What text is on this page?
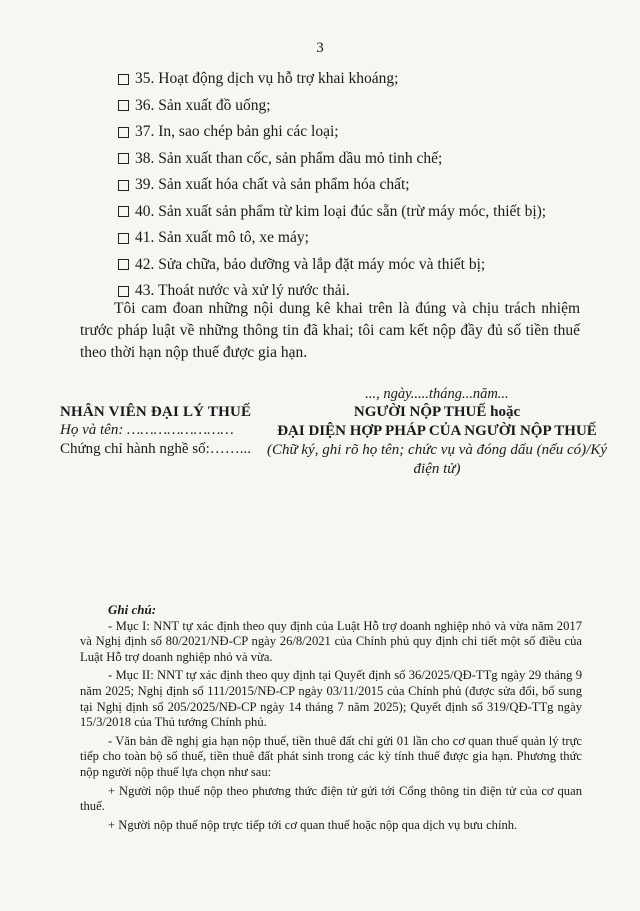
3
35. Hoạt động dịch vụ hỗ trợ khai khoáng;
36. Sản xuất đồ uống;
37. In, sao chép bản ghi các loại;
38. Sản xuất than cốc, sản phẩm dầu mỏ tinh chế;
39. Sản xuất hóa chất và sản phẩm hóa chất;
40. Sản xuất sản phẩm từ kim loại đúc sẵn (trừ máy móc, thiết bị);
41. Sản xuất mô tô, xe máy;
42. Sửa chữa, bảo dưỡng và lắp đặt máy móc và thiết bị;
43. Thoát nước và xử lý nước thải.
Tôi cam đoan những nội dung kê khai trên là đúng và chịu trách nhiệm trước pháp luật về những thông tin đã khai; tôi cam kết nộp đầy đủ số tiền thuế theo thời hạn nộp thuế được gia hạn.
NHÂN VIÊN ĐẠI LÝ THUẾ
Họ và tên: ……………………
Chứng chỉ hành nghề số:……...
..., ngày.....tháng...năm...
NGƯỜI NỘP THUẾ hoặc
ĐẠI DIỆN HỢP PHÁP CỦA NGƯỜI NỘP THUẾ
(Chữ ký, ghi rõ họ tên; chức vụ và đóng dấu (nếu có)/Ký điện tử)
Ghi chú:

- Mục I: NNT tự xác định theo quy định của Luật Hỗ trợ doanh nghiệp nhỏ và vừa năm 2017 và Nghị định số 80/2021/NĐ-CP ngày 26/8/2021 của Chính phủ quy định chi tiết một số điều của Luật Hỗ trợ doanh nghiệp nhỏ và vừa.

- Mục II: NNT tự xác định theo quy định tại Quyết định số 36/2025/QĐ-TTg ngày 29 tháng 9 năm 2025; Nghị định số 111/2015/NĐ-CP ngày 03/11/2015 của Chính phủ (được sửa đổi, bổ sung tại Nghị định số 205/2025/NĐ-CP ngày 14 tháng 7 năm 2025); Quyết định số 319/QĐ-TTg ngày 15/3/2018 của Thủ tướng Chính phủ.

- Văn bản đề nghị gia hạn nộp thuế, tiền thuê đất chỉ gửi 01 lần cho cơ quan thuế quản lý trực tiếp cho toàn bộ số thuế, tiền thuê đất phát sinh trong các kỳ tính thuế được gia hạn. Phương thức nộp người nộp thuế lựa chọn như sau:

+ Người nộp thuế nộp theo phương thức điện tử gửi tới Cổng thông tin điện tử của cơ quan thuế.

+ Người nộp thuế nộp trực tiếp tới cơ quan thuế hoặc nộp qua dịch vụ bưu chính.
